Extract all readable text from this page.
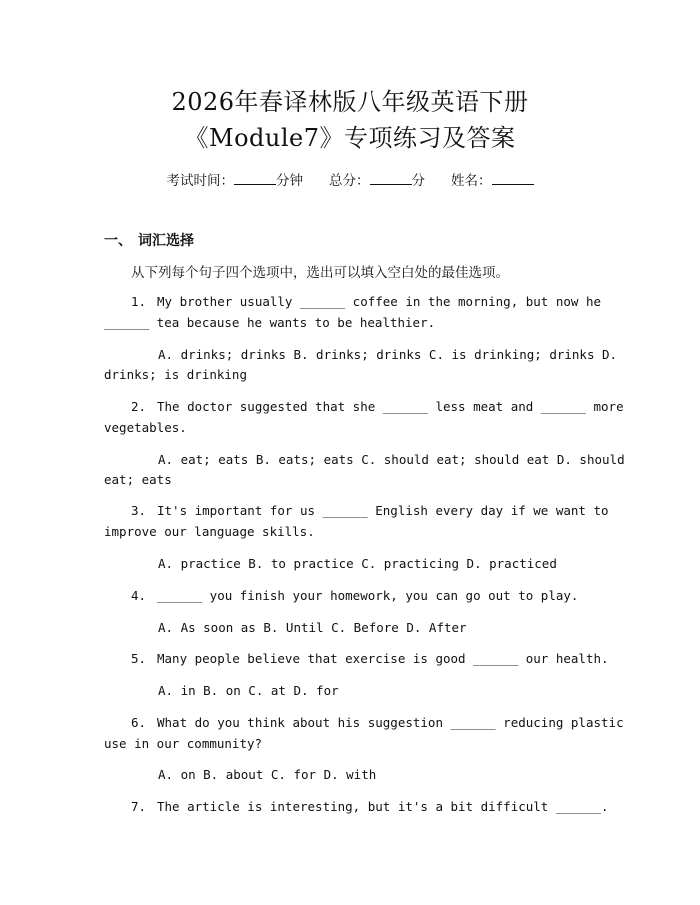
2026年春译林版八年级英语下册
《Module7》专项练习及答案
考试时间：	分钟 总分：	分 姓名：
一、 词汇选择
从下列每个句子四个选项中，选出可以填入空白处的最佳选项。
1. My brother usually ______ coffee in the morning, but now he
______ tea because he wants to be healthier.
A. drinks; drinks B. drinks; drinks C. is drinking; drinks D.
drinks; is drinking
2. The doctor suggested that she ______ less meat and ______ more
vegetables.
A. eat; eats B. eats; eats C. should eat; should eat D. should
eat; eats
3. It's important for us ______ English every day if we want to
improve our language skills.
A. practice B. to practice C. practicing D. practiced
4. ______ you finish your homework, you can go out to play.
A. As soon as B. Until C. Before D. After
5. Many people believe that exercise is good ______ our health.
A. in B. on C. at D. for
6. What do you think about his suggestion ______ reducing plastic
use in our community?
A. on B. about C. for D. with
7. The article is interesting, but it's a bit difficult ______.
